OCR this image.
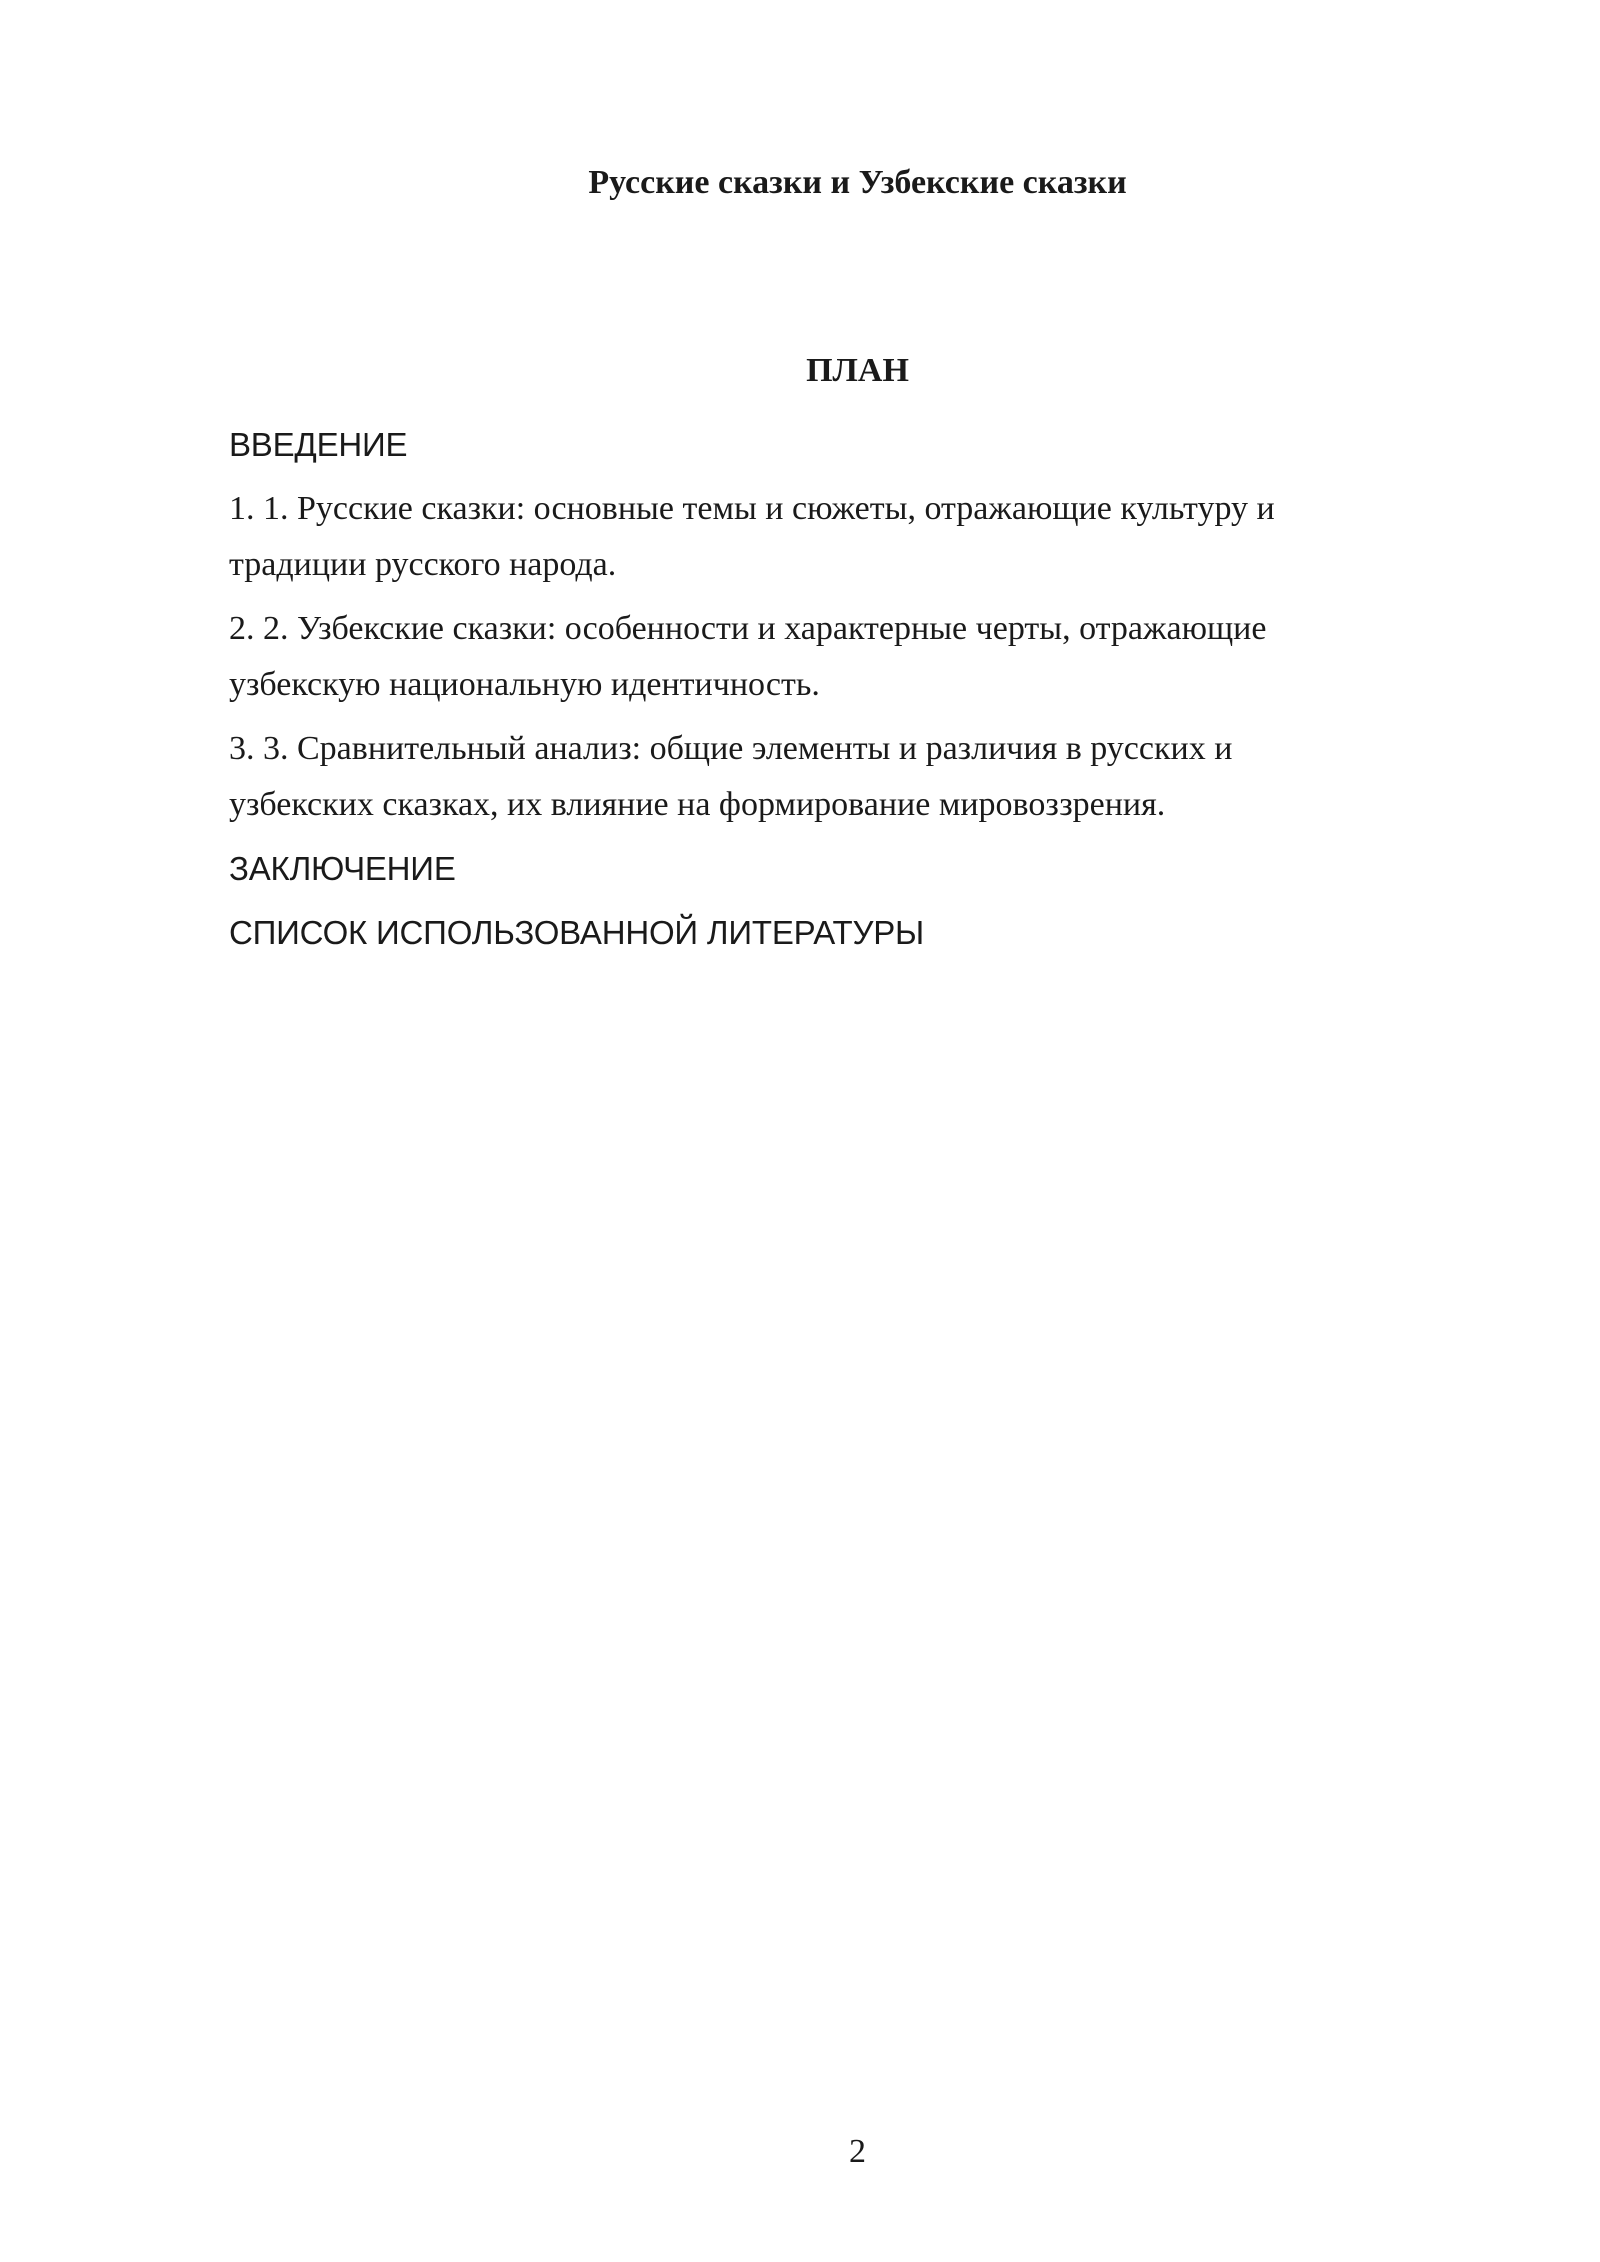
Русские сказки и Узбекские сказки
ПЛАН

ВВЕДЕНИЕ

1. 1. Русские сказки: основные темы и сюжеты, отражающие культуру и
традиции русского народа.

2. 2. Узбекские сказки: особенности и характерные черты, отражающие
узбекскую национальную идентичность.

3. 3. Сравнительный анализ: общие элементы и различия в русских и
узбекских сказках, их влияние на формирование мировоззрения.

ЗАКЛЮЧЕНИЕ

СПИСОК ИСПОЛЬЗОВАННОЙ ЛИТЕРАТУРЫ

2
